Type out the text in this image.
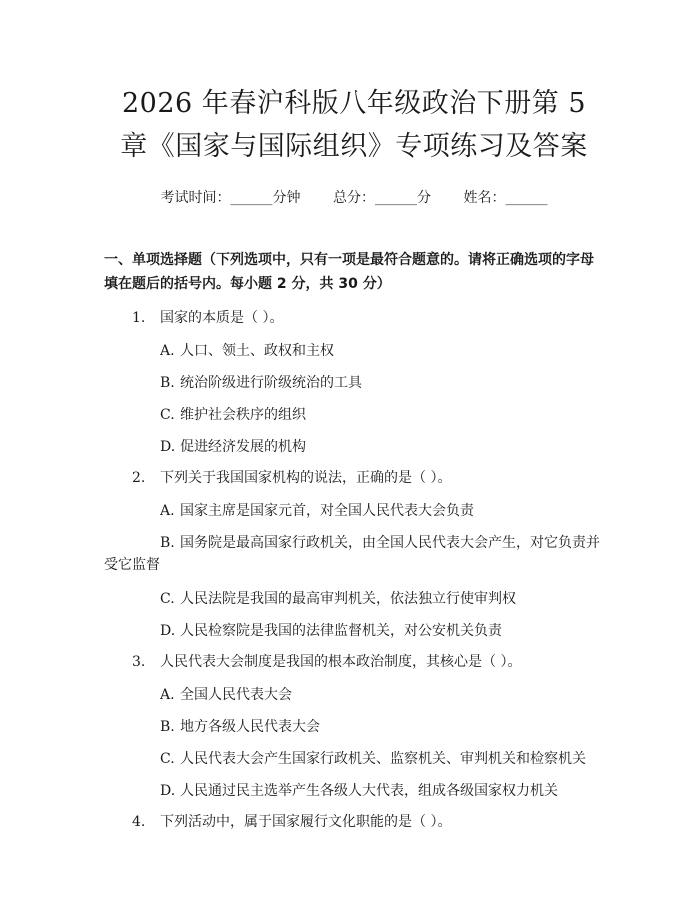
2026 年春沪科版八年级政治下册第 5 章《国家与国际组织》专项练习及答案
考试时间：______分钟 总分：______分 姓名：______
一、单项选择题（下列选项中，只有一项是最符合题意的。请将正确选项的字母填在题后的括号内。每小题 2 分，共 30 分）
1. 国家的本质是（ ）。
A. 人口、领土、政权和主权
B. 统治阶级进行阶级统治的工具
C. 维护社会秩序的组织
D. 促进经济发展的机构
2. 下列关于我国国家机构的说法，正确的是（ ）。
A. 国家主席是国家元首，对全国人民代表大会负责
B. 国务院是最高国家行政机关，由全国人民代表大会产生，对它负责并受它监督
C. 人民法院是我国的最高审判机关，依法独立行使审判权
D. 人民检察院是我国的法律监督机关，对公安机关负责
3. 人民代表大会制度是我国的根本政治制度，其核心是（ ）。
A. 全国人民代表大会
B. 地方各级人民代表大会
C. 人民代表大会产生国家行政机关、监察机关、审判机关和检察机关
D. 人民通过民主选举产生各级人大代表，组成各级国家权力机关
4. 下列活动中，属于国家履行文化职能的是（ ）。
